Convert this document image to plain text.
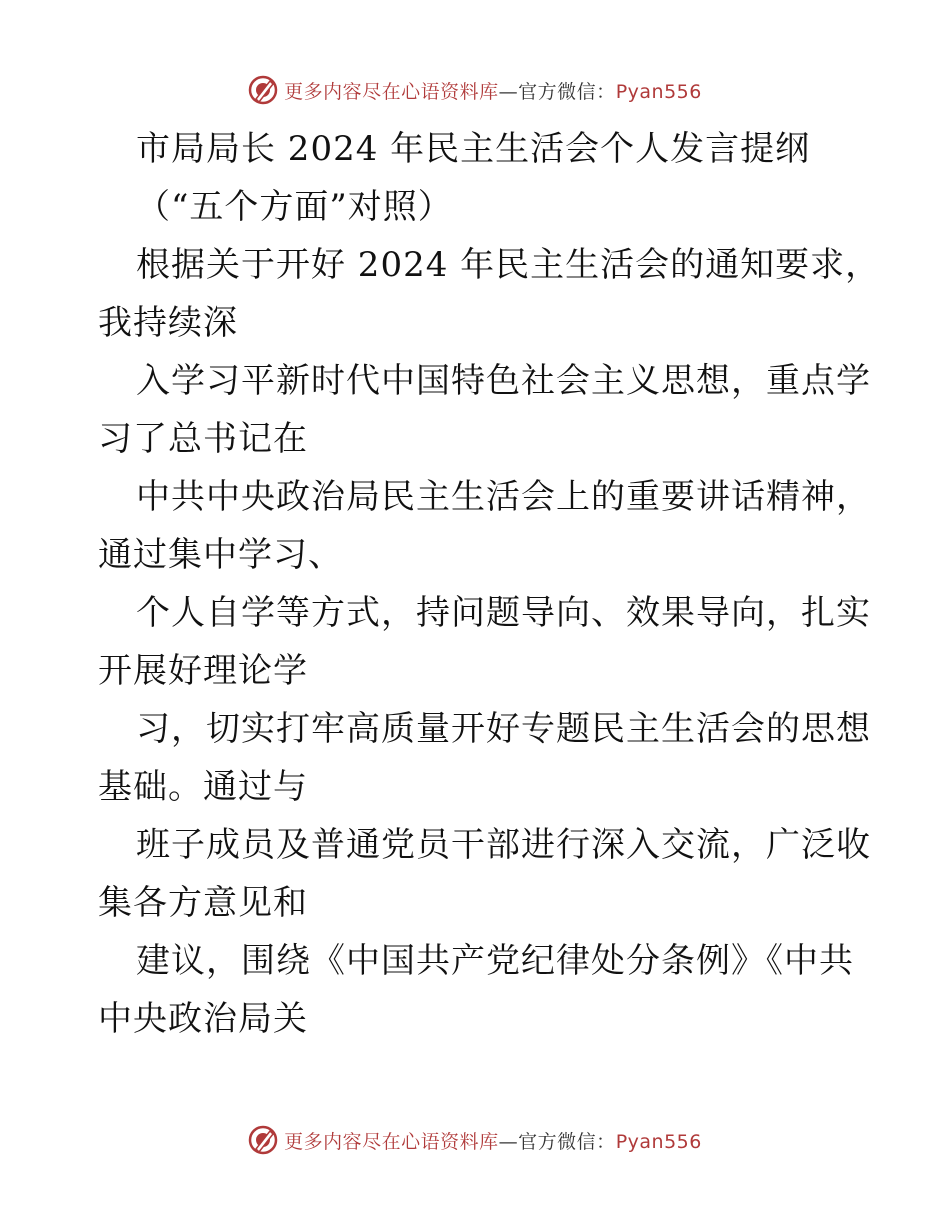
更多内容尽在心语资料库—官方微信：Pyan556
市局局长 2024 年民主生活会个人发言提纲
（“五个方面”对照）
根据关于开好 2024 年民主生活会的通知要求，
我持续深
入学习平新时代中国特色社会主义思想，重点学
习了总书记在
中共中央政治局民主生活会上的重要讲话精神，
通过集中学习、
个人自学等方式，持问题导向、效果导向，扎实
开展好理论学
习，切实打牢高质量开好专题民主生活会的思想
基础。通过与
班子成员及普通党员干部进行深入交流，广泛收
集各方意见和
建议，围绕《中国共产党纪律处分条例》《中共
中央政治局关
更多内容尽在心语资料库—官方微信：Pyan556
